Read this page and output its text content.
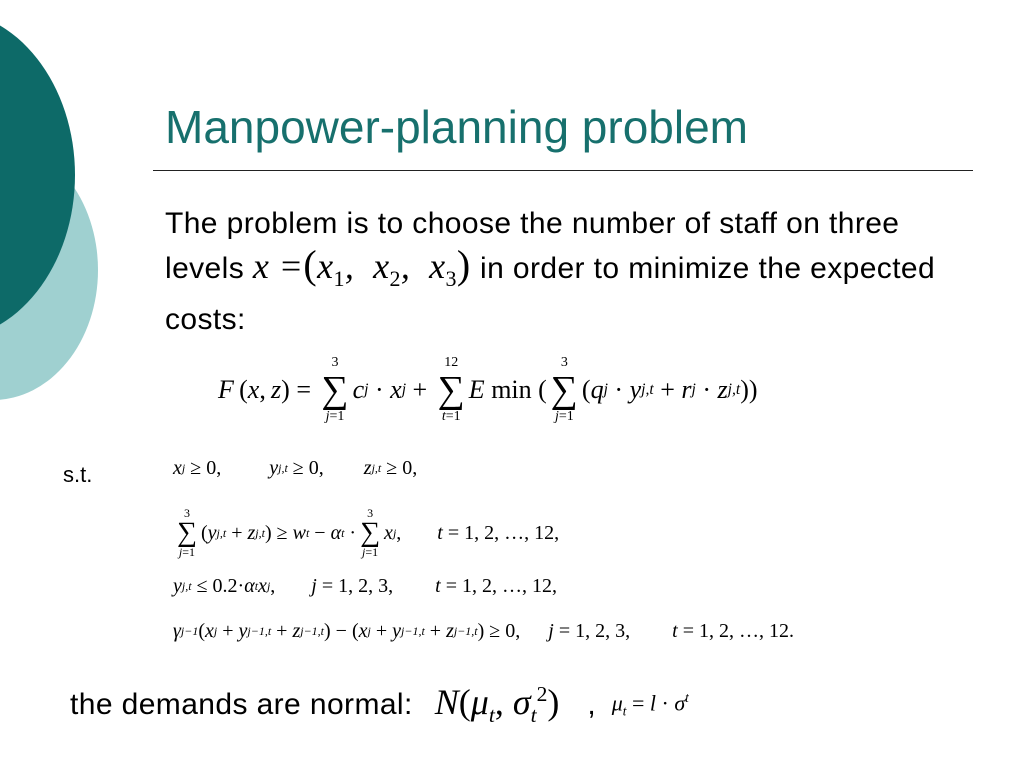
Manpower-planning problem
The problem is to choose the number of staff on three levels $x =(x_1$,  $x_2$,  $x_3$) in order to minimize the expected costs:
F  ( x ,  z ) =
3
∑
j=1
c j · x j +
12
∑
t=1
E min (
3
∑
j=1
( q j · y j,t + r j · z j,t ))
s.t.	x j ≥ 0, y j,t ≥ 0, z j,t ≥ 0,
3
∑
j=1
( y j,t + z j,t ) ≥ w t − α t ·
3
∑
j=1
x j , t = 1, 2, …, 12,
y j,t ≤ 0.2· α t x j , j = 1, 2, 3, t = 1, 2, …, 12,
γ j−1 ( x j + y j−1,t + z j−1,t ) − ( x j + y j−1,t + z j−1,t ) ≥ 0, j = 1, 2, 3, t = 1, 2, …, 12.
the demands are normal: $N(\mu_t$, $\sigma_t^2$) , $\mu_t = l \cdot \sigma^t$
